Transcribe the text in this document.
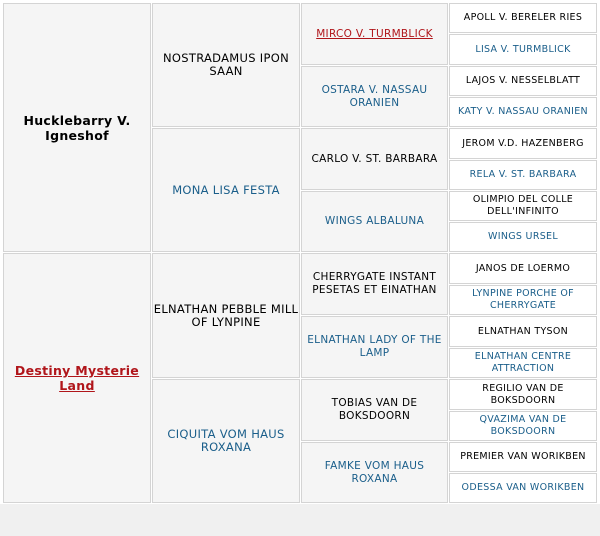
Hucklebarry V. Igneshof
Destiny Mysterie Land
NOSTRADAMUS IPON SAAN
MONA LISA FESTA
ELNATHAN PEBBLE MILL OF LYNPINE
CIQUITA VOM HAUS ROXANA
MIRCO V. TURMBLICK
OSTARA V. NASSAU ORANIEN
CARLO V. ST. BARBARA
WINGS ALBALUNA
CHERRYGATE INSTANT PESETAS ET EINATHAN
ELNATHAN LADY OF THE LAMP
TOBIAS VAN DE BOKSDOORN
FAMKE VOM HAUS ROXANA
APOLL V. BERELER RIES
LISA V. TURMBLICK
LAJOS V. NESSELBLATT
KATY V. NASSAU ORANIEN
JEROM V.D. HAZENBERG
RELA V. ST. BARBARA
OLIMPIO DEL COLLE DELL'INFINITO
WINGS URSEL
JANOS DE LOERMO
LYNPINE PORCHE OF CHERRYGATE
ELNATHAN TYSON
ELNATHAN CENTRE ATTRACTION
REGILIO VAN DE BOKSDOORN
QVAZIMA VAN DE BOKSDOORN
PREMIER VAN WORIKBEN
ODESSA VAN WORIKBEN
